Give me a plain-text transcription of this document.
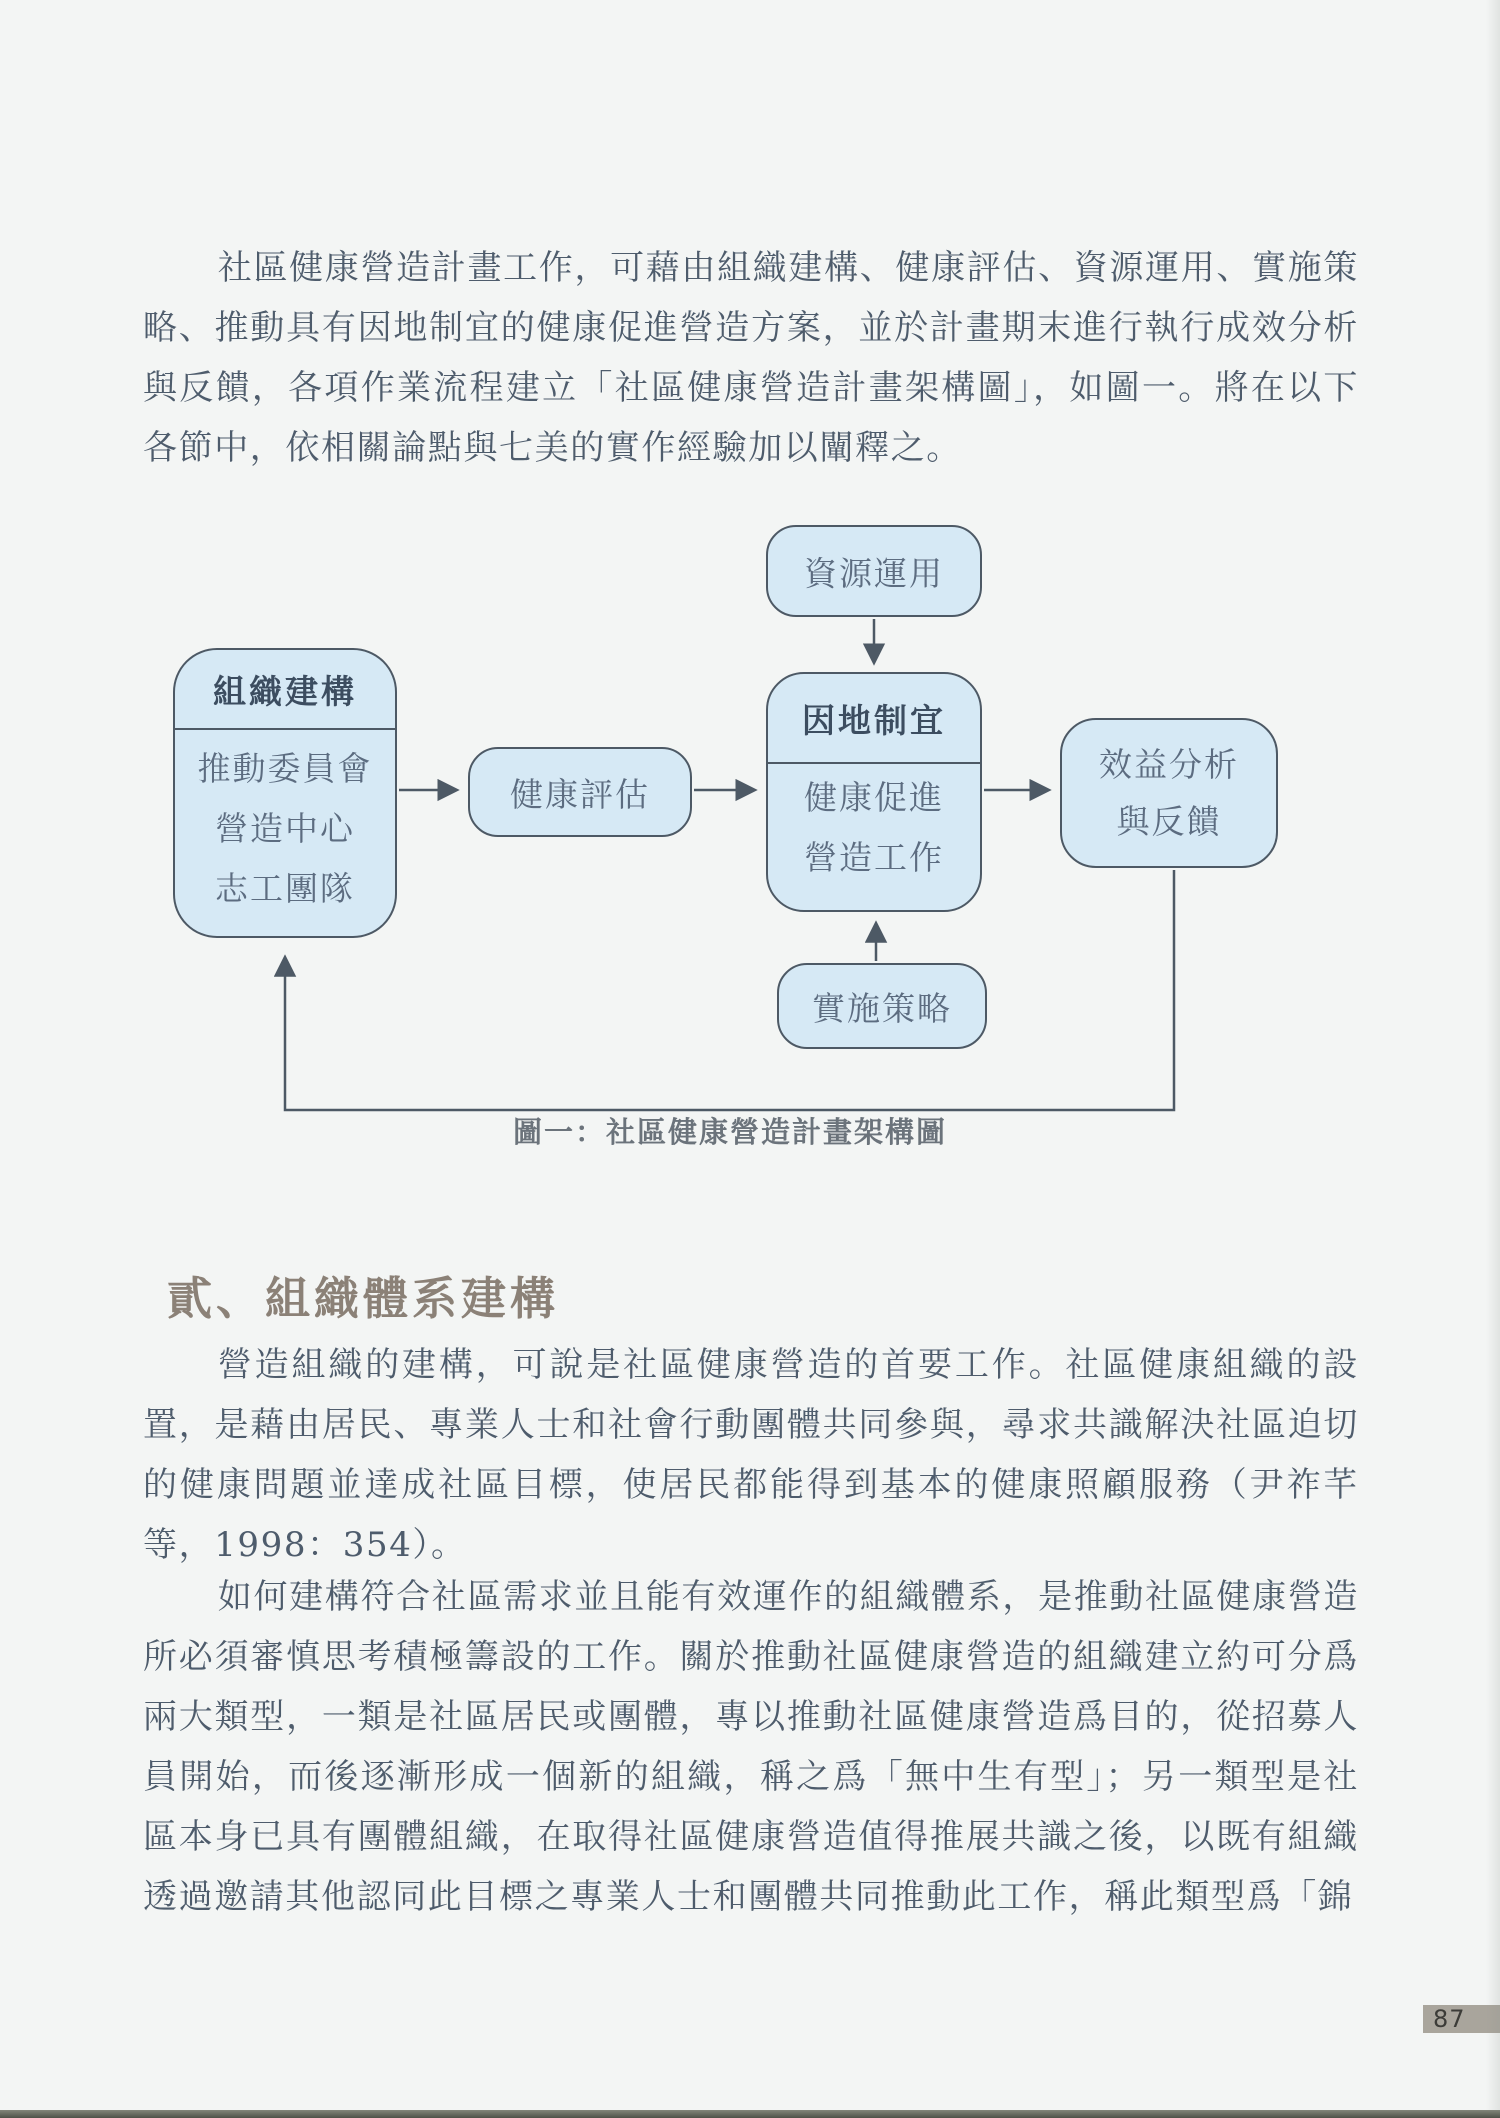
社區健康營造計畫工作，可藉由組織建構、健康評估、資源運用、實施策略、推動具有因地制宜的健康促進營造方案，並於計畫期末進行執行成效分析與反饋，各項作業流程建立「社區健康營造計畫架構圖」，如圖一。將在以下各節中，依相關論點與七美的實作經驗加以闡釋之。
組織建構
推動委員會
營造中心
志工團隊
資源運用
健康評估
因地制宜
健康促進
營造工作
實施策略
效益分析
與反饋
圖一：社區健康營造計畫架構圖
貳、組織體系建構
營造組織的建構，可說是社區健康營造的首要工作。社區健康組織的設置，是藉由居民、專業人士和社會行動團體共同參與，尋求共識解決社區迫切的健康問題並達成社區目標，使居民都能得到基本的健康照顧服務（尹祚芊等，1998：354）。
如何建構符合社區需求並且能有效運作的組織體系，是推動社區健康營造所必須審慎思考積極籌設的工作。關於推動社區健康營造的組織建立約可分爲兩大類型，一類是社區居民或團體，專以推動社區健康營造爲目的，從招募人員開始，而後逐漸形成一個新的組織，稱之爲「無中生有型」；另一類型是社區本身已具有團體組織，在取得社區健康營造值得推展共識之後，以既有組織透過邀請其他認同此目標之專業人士和團體共同推動此工作，稱此類型爲「錦
87
